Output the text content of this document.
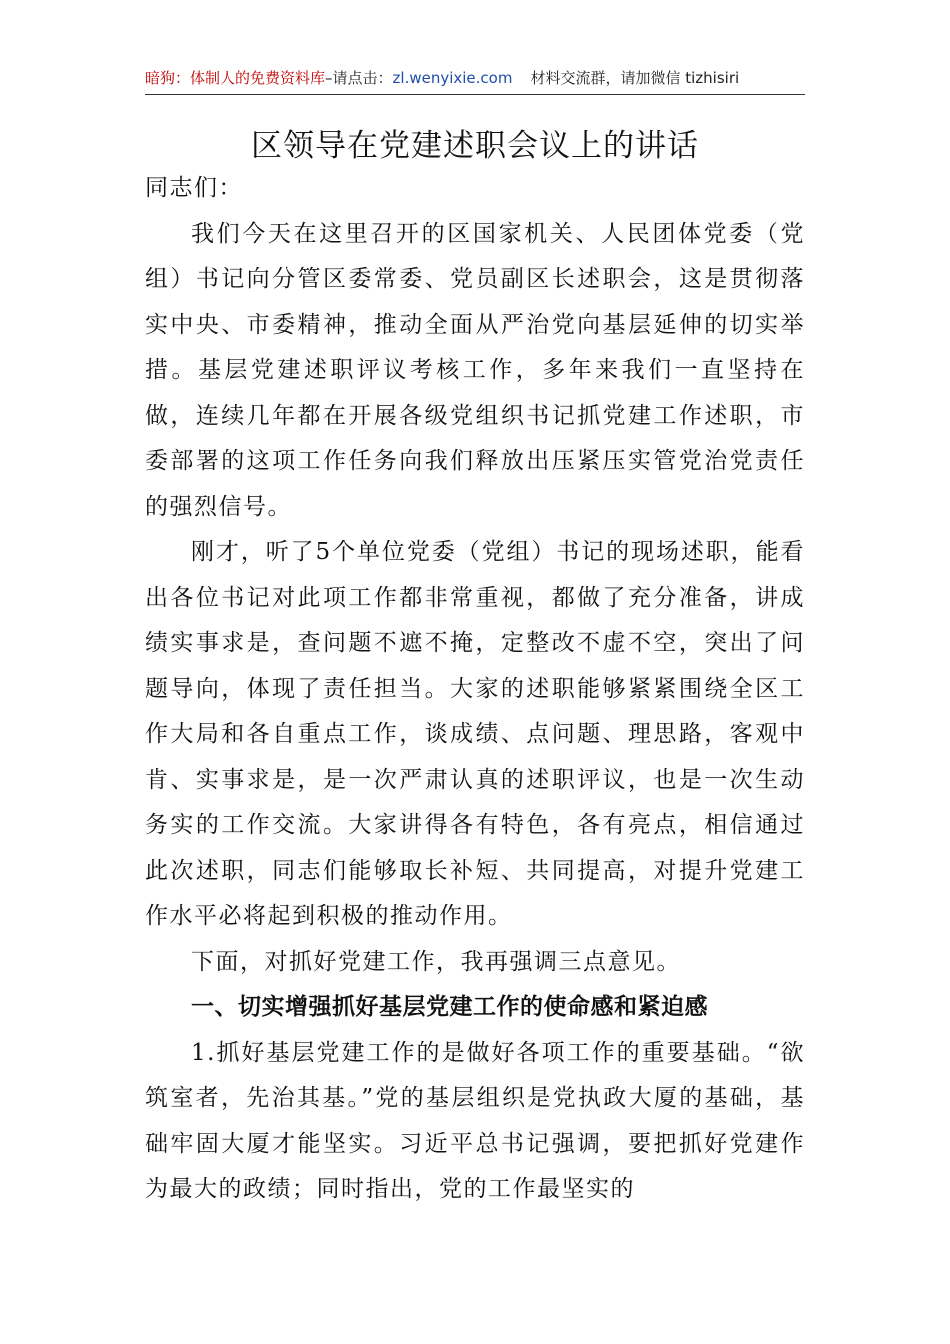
暗狗：体制人的免费资料库–请点击：zl.wenyixie.com 材料交流群，请加微信 tizhisiri
区领导在党建述职会议上的讲话

同志们：

我们今天在这里召开的区国家机关、人民团体党委（党组）书记向分管区委常委、党员副区长述职会，这是贯彻落实中央、市委精神，推动全面从严治党向基层延伸的切实举措。基层党建述职评议考核工作，多年来我们一直坚持在做，连续几年都在开展各级党组织书记抓党建工作述职，市委部署的这项工作任务向我们释放出压紧压实管党治党责任的强烈信号。

刚才，听了5个单位党委（党组）书记的现场述职，能看出各位书记对此项工作都非常重视，都做了充分准备，讲成绩实事求是，查问题不遮不掩，定整改不虚不空，突出了问题导向，体现了责任担当。大家的述职能够紧紧围绕全区工作大局和各自重点工作，谈成绩、点问题、理思路，客观中肯、实事求是，是一次严肃认真的述职评议，也是一次生动务实的工作交流。大家讲得各有特色，各有亮点，相信通过此次述职，同志们能够取长补短、共同提高，对提升党建工作水平必将起到积极的推动作用。

下面，对抓好党建工作，我再强调三点意见。

一、切实增强抓好基层党建工作的使命感和紧迫感

1.抓好基层党建工作的是做好各项工作的重要基础。“欲筑室者，先治其基。”党的基层组织是党执政大厦的基础，基础牢固大厦才能坚实。习近平总书记强调，要把抓好党建作为最大的政绩；同时指出，党的工作最坚实的
